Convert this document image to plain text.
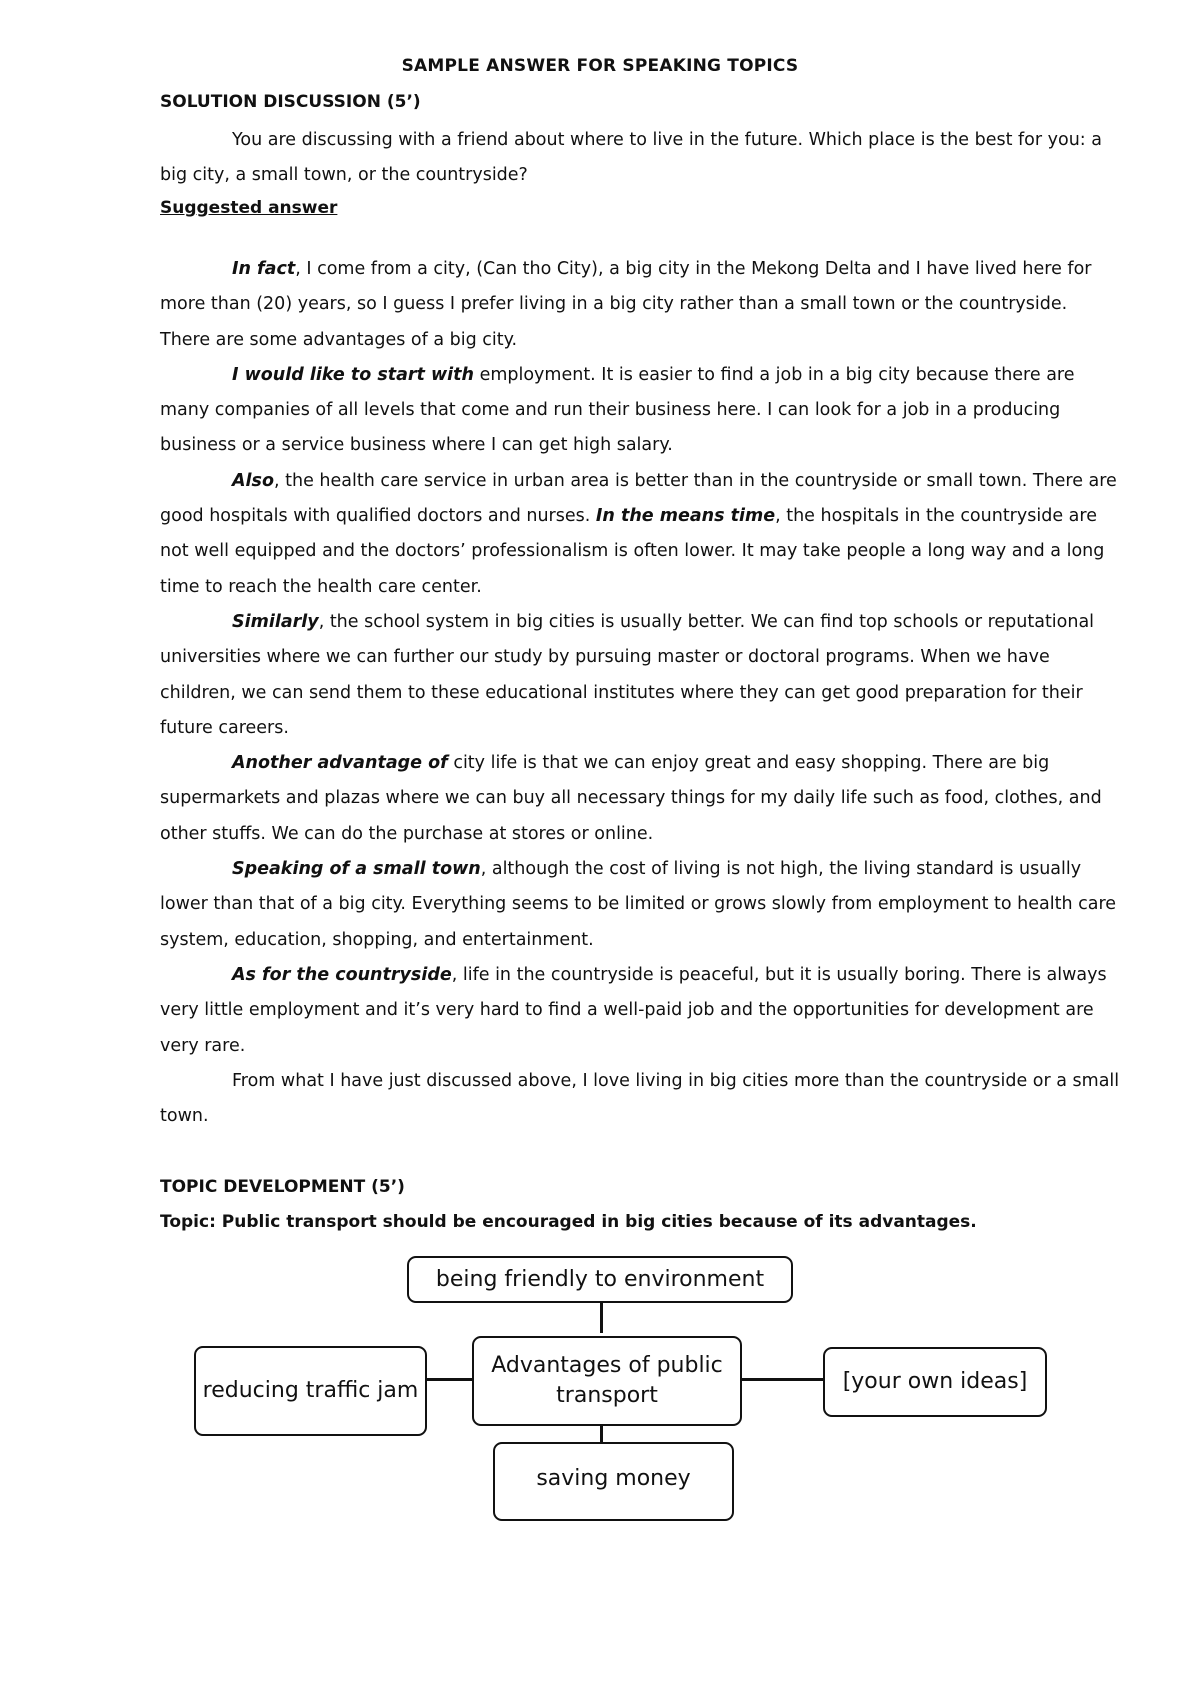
SAMPLE ANSWER FOR SPEAKING TOPICS
SOLUTION DISCUSSION (5’)

You are discussing with a friend about where to live in the future. Which place is the best for you: a big city, a small town, or the countryside?

Suggested answer

In fact, I come from a city, (Can tho City), a big city in the Mekong Delta and I have lived here for more than (20) years, so I guess I prefer living in a big city rather than a small town or the countryside. There are some advantages of a big city.

I would like to start with employment. It is easier to find a job in a big city because there are many companies of all levels that come and run their business here. I can look for a job in a producing business or a service business where I can get high salary.

Also, the health care service in urban area is better than in the countryside or small town. There are good hospitals with qualified doctors and nurses. In the means time, the hospitals in the countryside are not well equipped and the doctors’ professionalism is often lower. It may take people a long way and a long time to reach the health care center.

Similarly, the school system in big cities is usually better. We can find top schools or reputational universities where we can further our study by pursuing master or doctoral programs. When we have children, we can send them to these educational institutes where they can get good preparation for their future careers.

Another advantage of city life is that we can enjoy great and easy shopping. There are big supermarkets and plazas where we can buy all necessary things for my daily life such as food, clothes, and other stuffs. We can do the purchase at stores or online.

Speaking of a small town, although the cost of living is not high, the living standard is usually lower than that of a big city. Everything seems to be limited or grows slowly from employment to health care system, education, shopping, and entertainment.

As for the countryside, life in the countryside is peaceful, but it is usually boring. There is always very little employment and it’s very hard to find a well-paid job and the opportunities for development are very rare.

From what I have just discussed above, I love living in big cities more than the countryside or a small town.

TOPIC DEVELOPMENT (5’)
Topic: Public transport should be encouraged in big cities because of its advantages.
being friendly to environment
Advantages of public transport
reducing traffic jam	[your own ideas]
saving money
